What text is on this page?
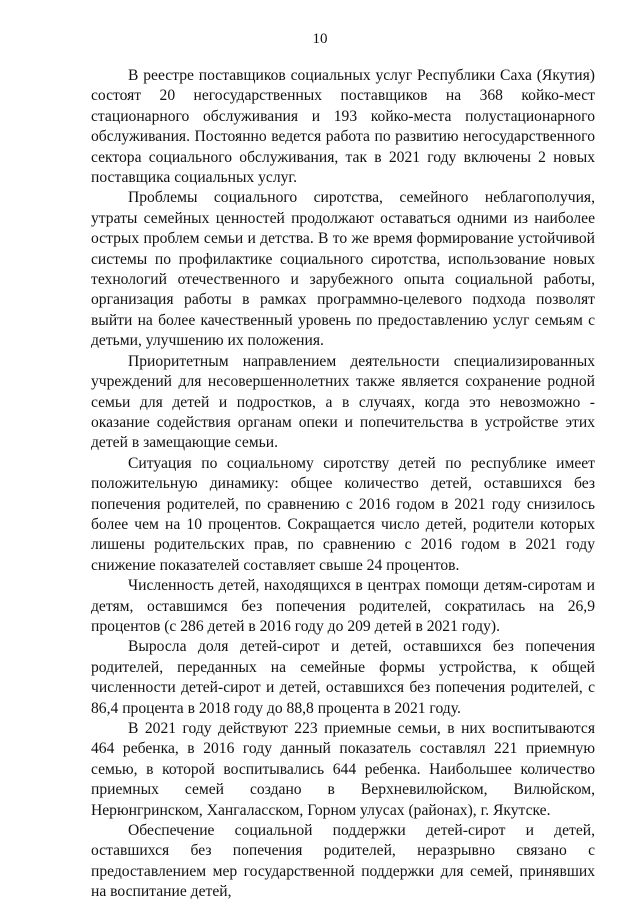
10

В реестре поставщиков социальных услуг Республики Саха (Якутия) состоят 20 негосударственных поставщиков на 368 койко-мест стационарного обслуживания и 193 койко-места полустационарного обслуживания. Постоянно ведется работа по развитию негосударственного сектора социального обслуживания, так в 2021 году включены 2 новых поставщика социальных услуг.

Проблемы социального сиротства, семейного неблагополучия, утраты семейных ценностей продолжают оставаться одними из наиболее острых проблем семьи и детства. В то же время формирование устойчивой системы по профилактике социального сиротства, использование новых технологий отечественного и зарубежного опыта социальной работы, организация работы в рамках программно-целевого подхода позволят выйти на более качественный уровень по предоставлению услуг семьям с детьми, улучшению их положения.

Приоритетным направлением деятельности специализированных учреждений для несовершеннолетних также является сохранение родной семьи для детей и подростков, а в случаях, когда это невозможно - оказание содействия органам опеки и попечительства в устройстве этих детей в замещающие семьи.

Ситуация по социальному сиротству детей по республике имеет положительную динамику: общее количество детей, оставшихся без попечения родителей, по сравнению с 2016 годом в 2021 году снизилось более чем на 10 процентов. Сокращается число детей, родители которых лишены родительских прав, по сравнению с 2016 годом в 2021 году снижение показателей составляет свыше 24 процентов.

Численность детей, находящихся в центрах помощи детям-сиротам и детям, оставшимся без попечения родителей, сократилась на 26,9 процентов (с 286 детей в 2016 году до 209 детей в 2021 году).

Выросла доля детей-сирот и детей, оставшихся без попечения родителей, переданных на семейные формы устройства, к общей численности детей-сирот и детей, оставшихся без попечения родителей, с 86,4 процента в 2018 году до 88,8 процента в 2021 году.

В 2021 году действуют 223 приемные семьи, в них воспитываются 464 ребенка, в 2016 году данный показатель составлял 221 приемную семью, в которой воспитывались 644 ребенка. Наибольшее количество приемных семей создано в Верхневилюйском, Вилюйском, Нерюнгринском, Хангаласском, Горном улусах (районах), г. Якутске.

Обеспечение социальной поддержки детей-сирот и детей, оставшихся без попечения родителей, неразрывно связано с предоставлением мер государственной поддержки для семей, принявших на воспитание детей,
